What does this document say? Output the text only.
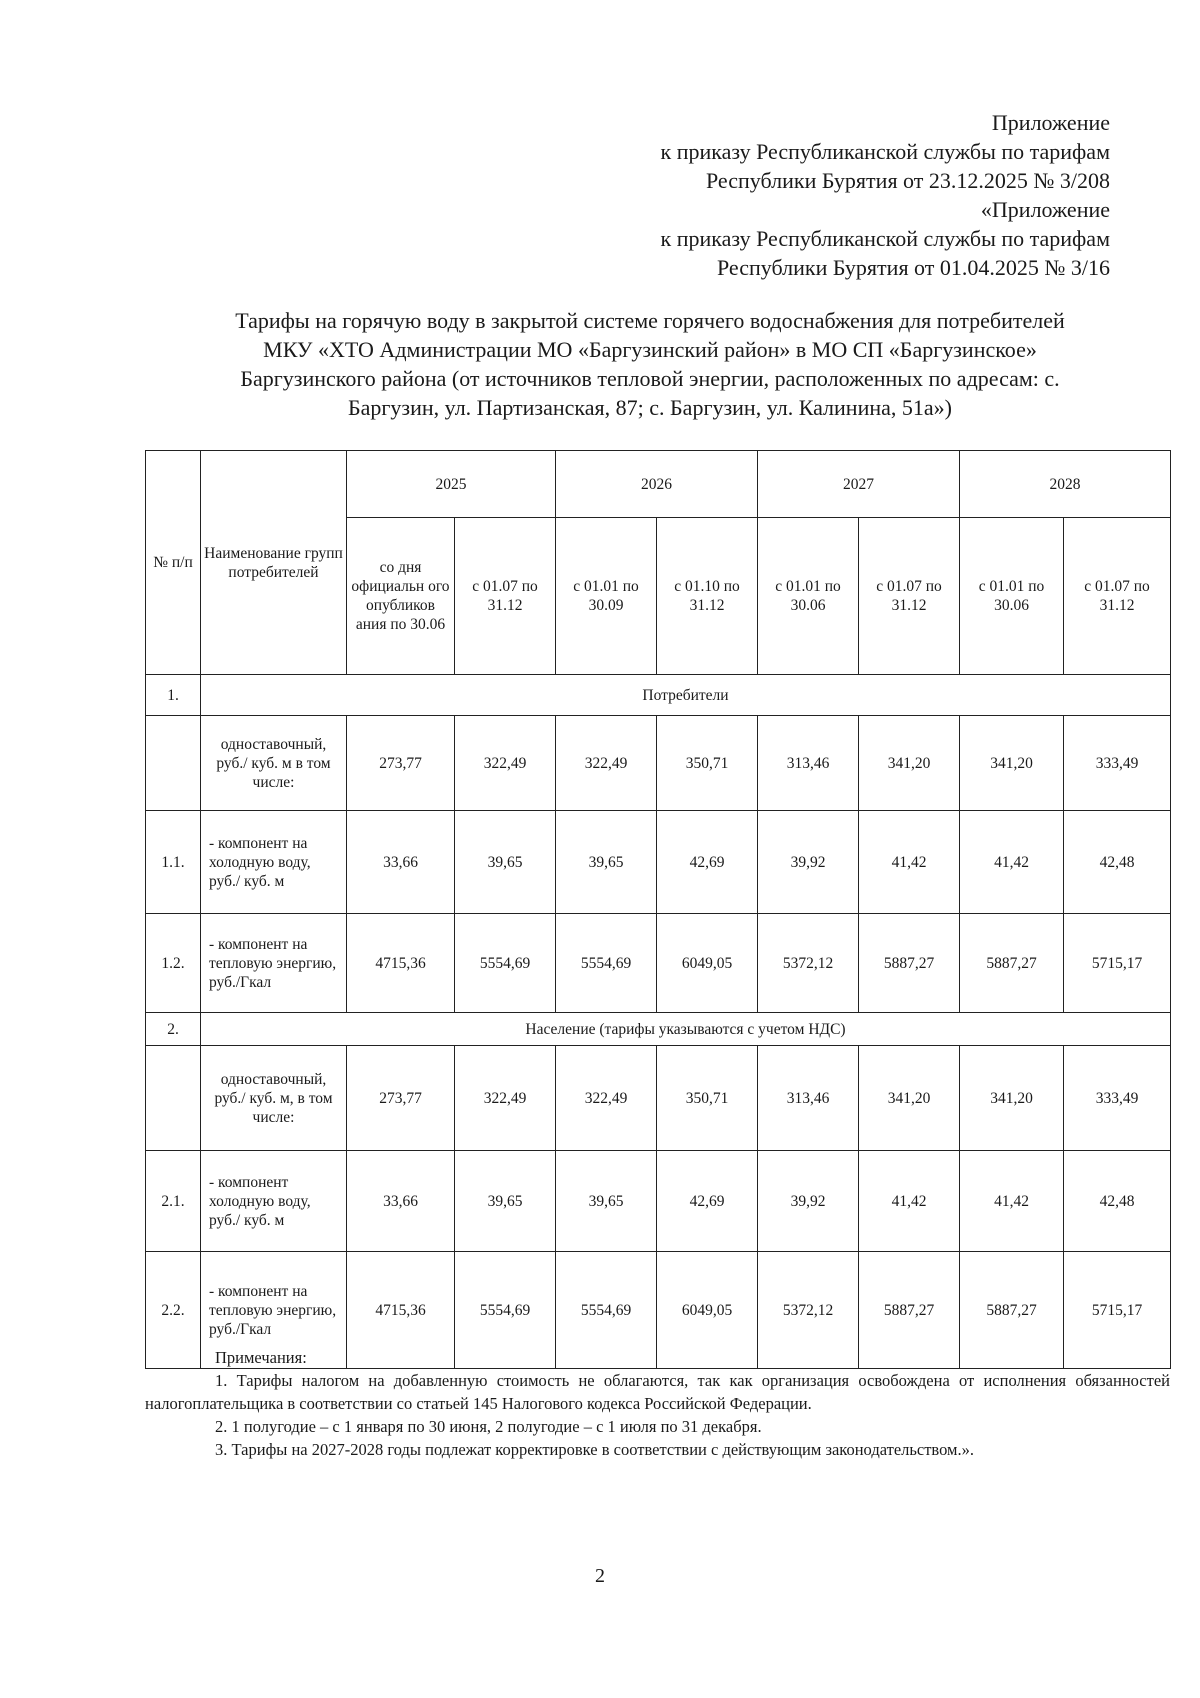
Приложение
к приказу Республиканской службы по тарифам
Республики Бурятия от 23.12.2025 № 3/208
«Приложение
к приказу Республиканской службы по тарифам
Республики Бурятия от 01.04.2025 № 3/16
Тарифы на горячую воду в закрытой системе горячего водоснабжения для потребителей
МКУ «ХТО Администрации МО «Баргузинский район» в МО СП «Баргузинское»
Баргузинского района (от источников тепловой энергии, расположенных по адресам: с.
Баргузин, ул. Партизанская, 87; с. Баргузин, ул. Калинина, 51а»)
№ п/п	Наименование групп потребителей	2025		2026		2027		2028	
		со дня официальн ого опубликов ания по 30.06	с 01.07 по 31.12	с 01.01 по 30.09	с 01.10 по 31.12	с 01.01 по 30.06	с 01.07 по 31.12	с 01.01 по 30.06	с 01.07 по 31.12
1.	Потребители								
	одноставочный, руб./ куб. м в том числе:	273,77	322,49	322,49	350,71	313,46	341,20	341,20	333,49
1.1.	- компонент на холодную воду, руб./ куб. м	33,66	39,65	39,65	42,69	39,92	41,42	41,42	42,48
1.2.	- компонент на тепловую энергию, руб./Гкал	4715,36	5554,69	5554,69	6049,05	5372,12	5887,27	5887,27	5715,17
2.	Население (тарифы указываются с учетом НДС)								
	одноставочный, руб./ куб. м, в том числе:	273,77	322,49	322,49	350,71	313,46	341,20	341,20	333,49
2.1.	- компонент холодную воду, руб./ куб. м	33,66	39,65	39,65	42,69	39,92	41,42	41,42	42,48
2.2.	- компонент на тепловую энергию, руб./Гкал	4715,36	5554,69	5554,69	6049,05	5372,12	5887,27	5887,27	5715,17

Примечания:

1. Тарифы налогом на добавленную стоимость не облагаются, так как организация освобождена от исполнения обязанностей налогоплательщика в соответствии со статьей 145 Налогового кодекса Российской Федерации.

2. 1 полугодие – с 1 января по 30 июня, 2 полугодие – с 1 июля по 31 декабря.

3. Тарифы на 2027-2028 годы подлежат корректировке в соответствии с действующим законодательством.».

2
